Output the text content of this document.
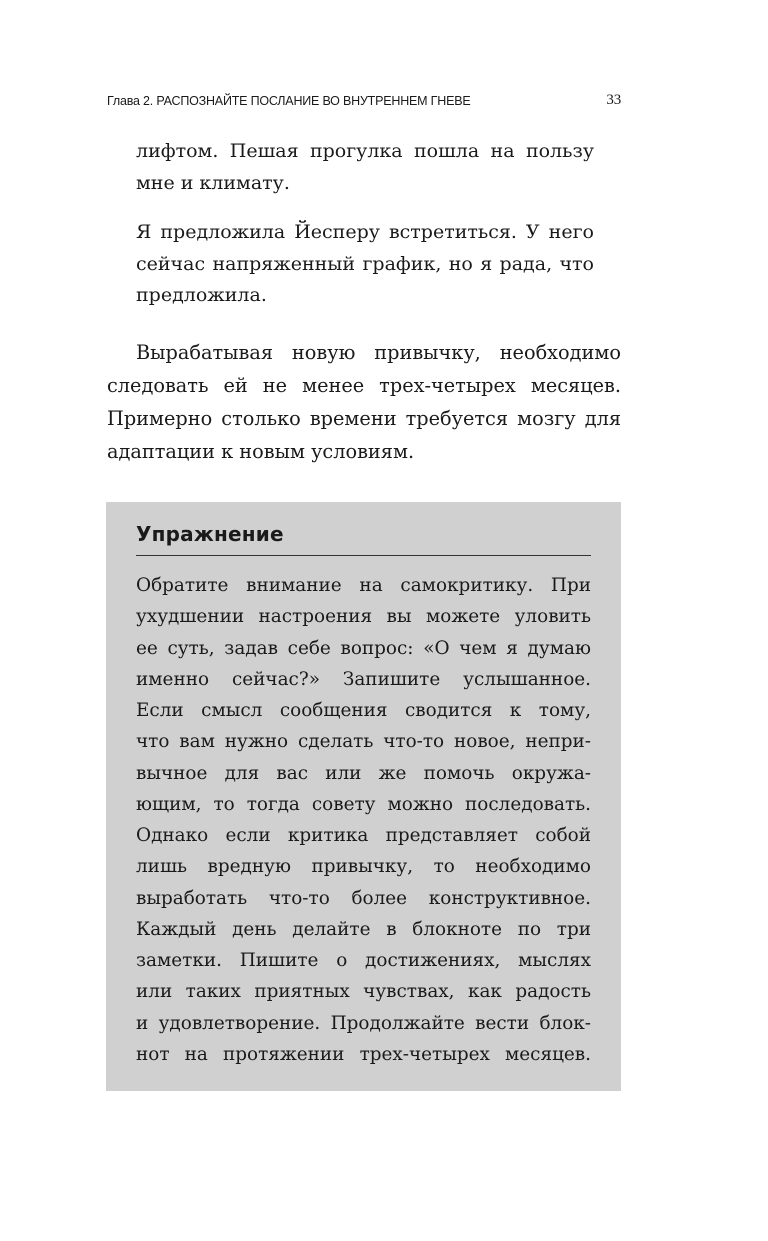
Глава 2. РАСПОЗНАЙТЕ ПОСЛАНИЕ ВО ВНУТРЕННЕМ ГНЕВЕ	33
лифтом. Пешая прогулка пошла на пользу
мне и климату.
Я предложила Йесперу встретиться. У него
сейчас напряженный график, но я рада, что
предложила.
Вырабатывая новую привычку, необходимо
следовать ей не менее трех-четырех месяцев.
Примерно столько времени требуется мозгу для
адаптации к новым условиям.
Упражнение
Обратите внимание на самокритику. При
ухудшении настроения вы можете уловить
ее суть, задав себе вопрос: «О чем я думаю
именно сейчас?» Запишите услышанное.
Если смысл сообщения сводится к тому,
что вам нужно сделать что-то новое, непри-
вычное для вас или же помочь окружа-
ющим, то тогда совету можно последовать.
Однако если критика представляет собой
лишь вредную привычку, то необходимо
выработать что-то более конструктивное.
Каждый день делайте в блокноте по три
заметки. Пишите о достижениях, мыслях
или таких приятных чувствах, как радость
и удовлетворение. Продолжайте вести блок-
нот на протяжении трех-четырех месяцев.
